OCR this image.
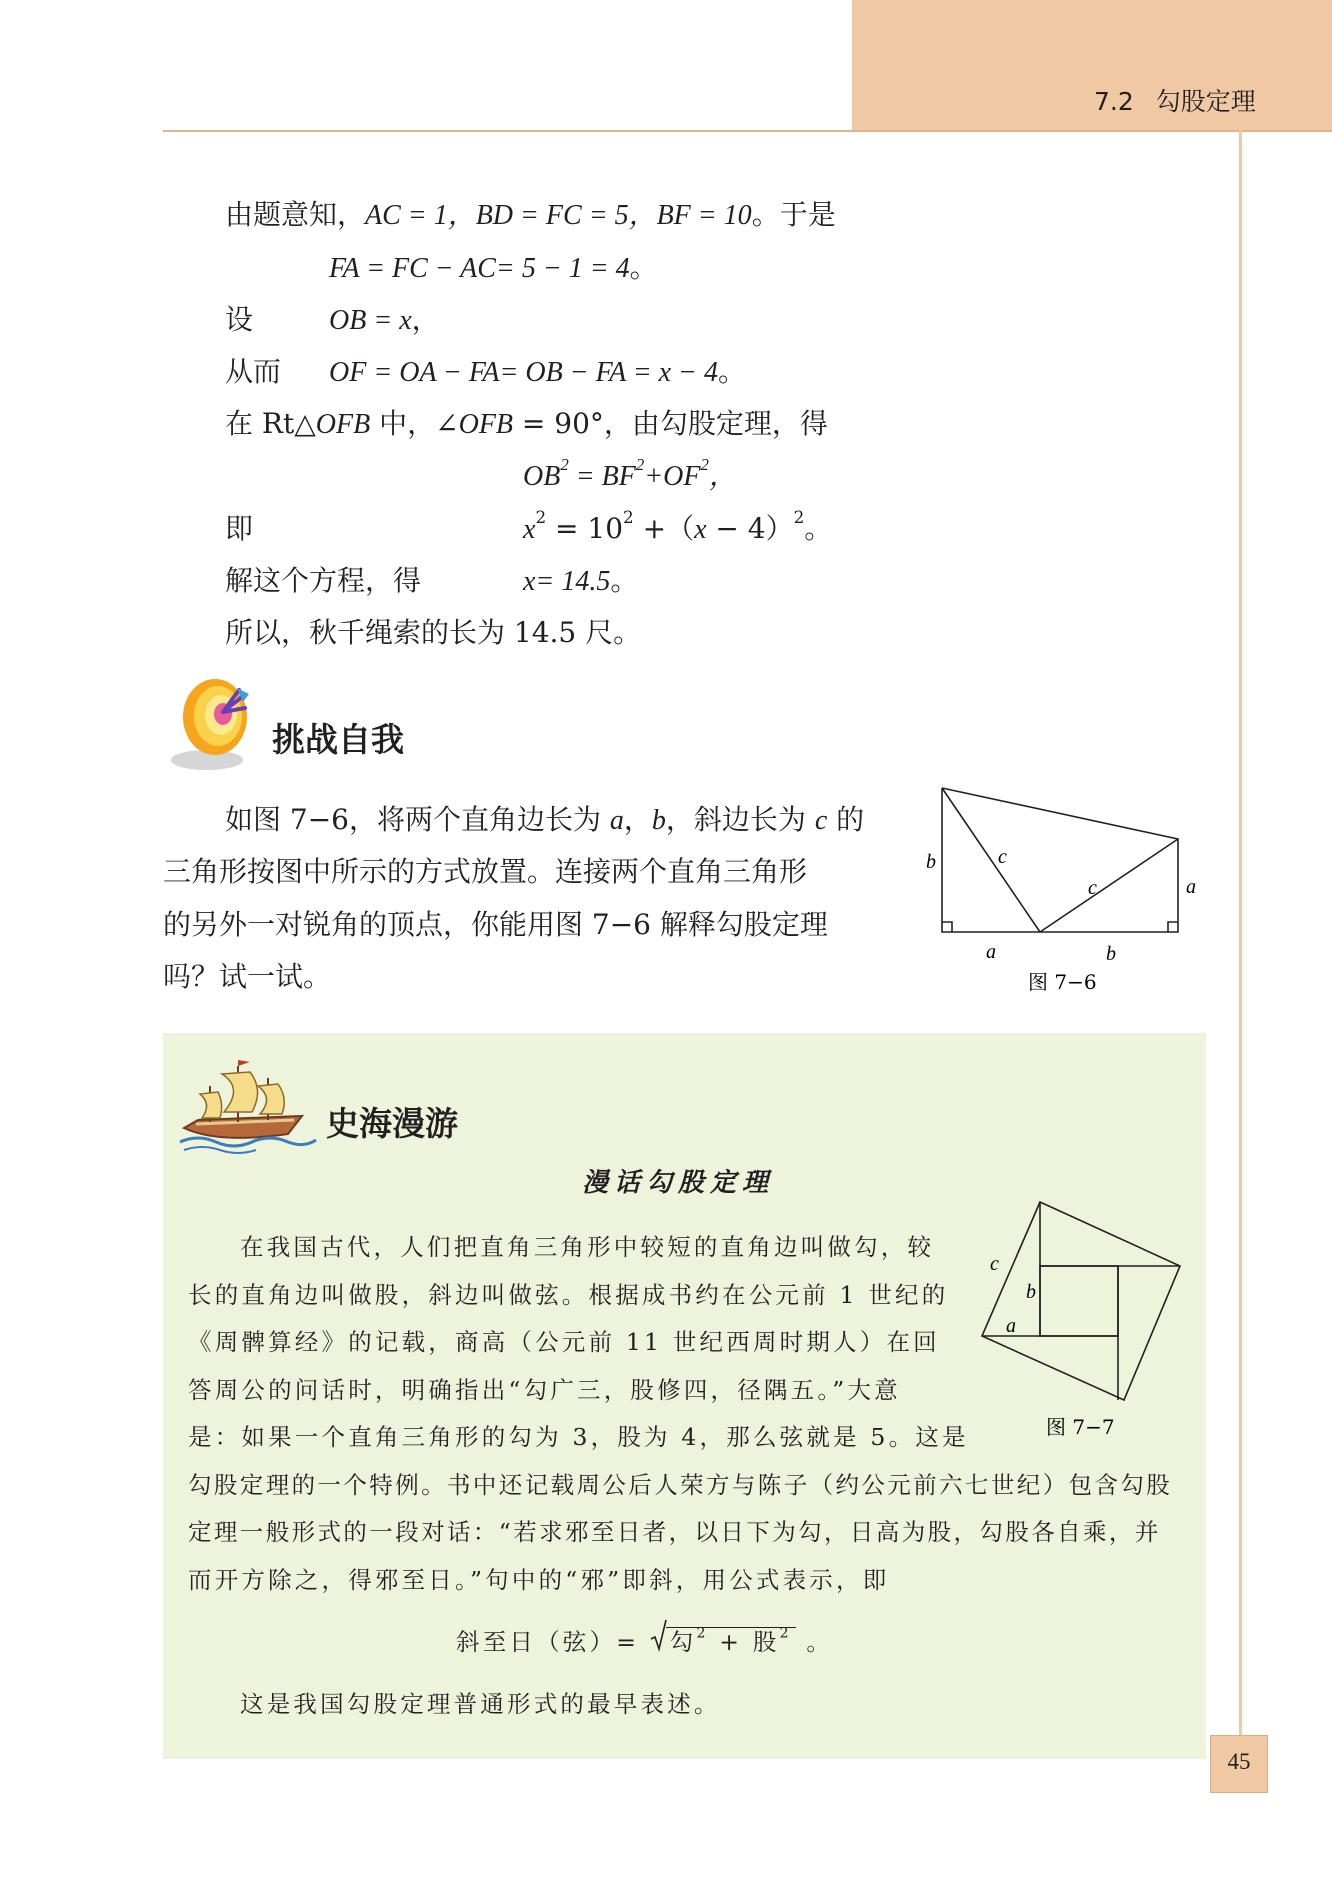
7.2 勾股定理
由题意知，AC = 1，BD = FC = 5，BF = 10。于是
FA = FC − AC= 5 − 1 = 4。
设	OB = x，
从而 OF = OA − FA= OB − FA = x − 4。
在 Rt△OFB 中，∠OFB = 90°，由勾股定理，得
$OB^2 = BF^2+OF^2$，
即	$x^2 = 10^2 +(x - 4)^2$。
解这个方程，得	x= 14.5。
所以，秋千绳索的长为 14.5 尺。
挑战自我
如图 7−6，将两个直角边长为 a，b，斜边长为 c 的
三角形按图中所示的方式放置。连接两个直角三角形
的另外一对锐角的顶点，你能用图 7−6 解释勾股定理
吗？试一试。
b	c
c	a
a	b
图 7−6
史海漫游
漫话勾股定理
在我国古代，人们把直角三角形中较短的直角边叫做勾，较
长的直角边叫做股，斜边叫做弦。根据成书约在公元前 1 世纪的
《周髀算经》的记载，商高（公元前 11 世纪西周时期人）在回
答周公的问话时，明确指出“勾广三，股修四，径隅五。”大意
是：如果一个直角三角形的勾为 3，股为 4，那么弦就是 5。这是
勾股定理的一个特例。书中还记载周公后人荣方与陈子（约公元前六七世纪）包含勾股
定理一般形式的一段对话：“若求邪至日者，以日下为勾，日高为股，勾股各自乘，并
而开方除之，得邪至日。”句中的“邪”即斜，用公式表示，即
斜至日（弦）= 勾$^2$ + 股$^2$ 。
这是我国勾股定理普通形式的最早表述。
c
b
a
图 7−7
45
